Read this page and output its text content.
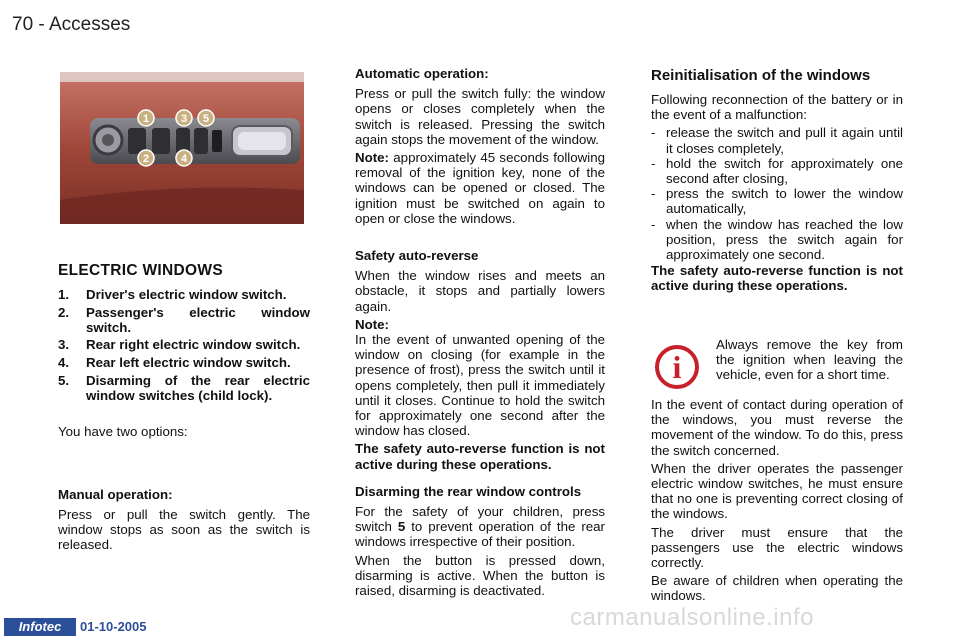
70 - Accesses
1
2
3
4
5
ELECTRIC WINDOWS
1.	Driver's electric window switch.
2.	Passenger's electric window switch.
3.	Rear right electric window switch.
4.	Rear left electric window switch.
5.	Disarming of the rear electric window switches (child lock).

You have two options:

Manual operation:

Press or pull the switch gently. The window stops as soon as the switch is released.

Automatic operation:

Press or pull the switch fully: the window opens or closes completely when the switch is released. Pressing the switch again stops the movement of the window.

Note: approximately 45 seconds following removal of the ignition key, none of the windows can be opened or closed. The ignition must be switched on again to open or close the windows.

Safety auto-reverse

When the window rises and meets an obstacle, it stops and partially lowers again.

Note:

In the event of unwanted opening of the window on closing (for example in the presence of frost), press the switch until it opens completely, then pull it immediately until it closes. Continue to hold the switch for approximately one second after the window has closed.

The safety auto-reverse function is not active during these operations.

Disarming the rear window controls

For the safety of your children, press switch 5 to prevent operation of the rear windows irrespective of their position.

When the button is pressed down, disarming is active. When the button is raised, disarming is deactivated.

Reinitialisation of the windows

Following reconnection of the battery or in the event of a malfunction:

- release the switch and pull it again until it closes completely,
- hold the switch for approximately one second after closing,
- press the switch to lower the window automatically,
- when the window has reached the low position, press the switch again for approximately one second.

The safety auto-reverse function is not active during these operations.

i

Always remove the key from the ignition when leaving the vehicle, even for a short time.

In the event of contact during operation of the windows, you must reverse the movement of the window. To do this, press the switch concerned.

When the driver operates the passenger electric window switches, he must ensure that no one is preventing correct closing of the windows.

The driver must ensure that the passengers use the electric windows correctly.

Be aware of children when operating the windows.

Infotec	01-10-2005	carmanualsonline.info
